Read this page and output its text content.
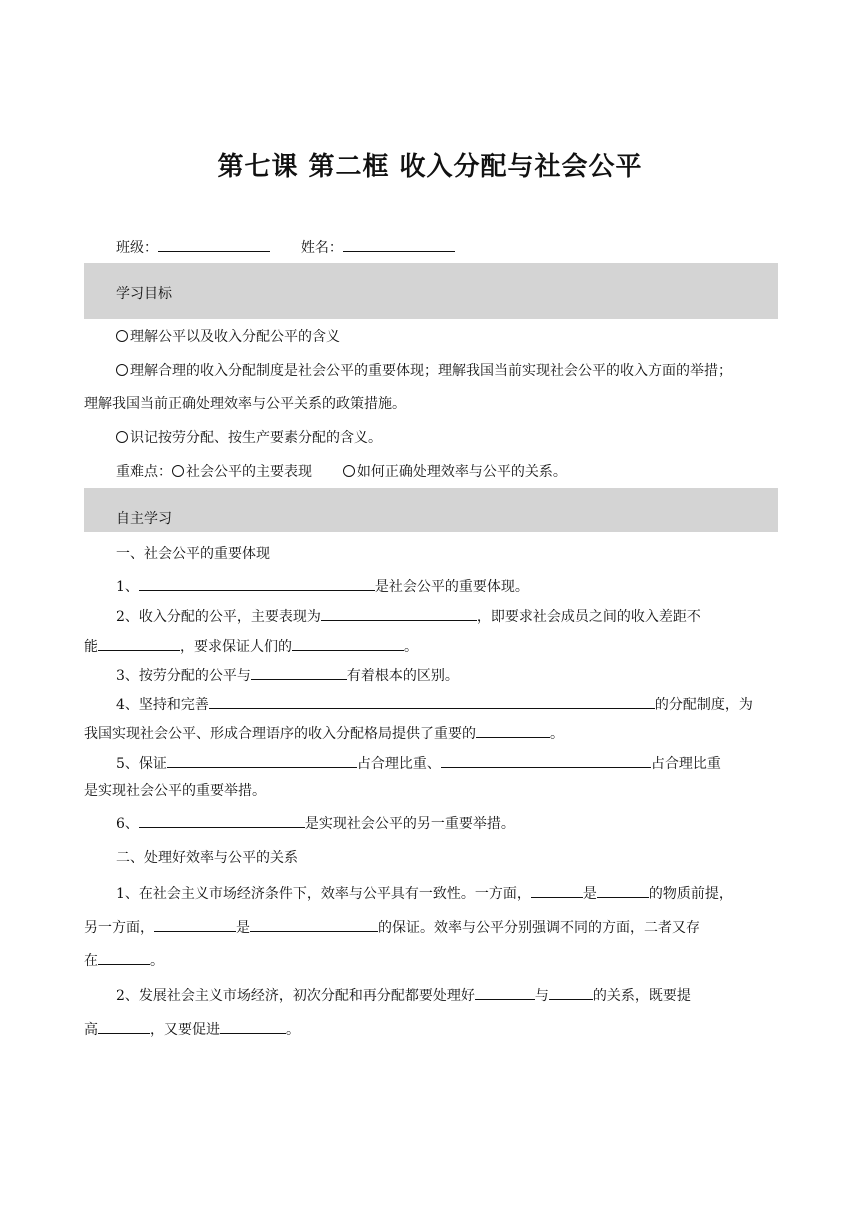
第七课 第二框 收入分配与社会公平
班级：	姓名：
学习目标
理解公平以及收入分配公平的含义
理解合理的收入分配制度是社会公平的重要体现；理解我国当前实现社会公平的收入方面的举措；
理解我国当前正确处理效率与公平关系的政策措施。
识记按劳分配、按生产要素分配的含义。
重难点： 社会公平的主要表现	如何正确处理效率与公平的关系。
自主学习
一、社会公平的重要体现
1、	是社会公平的重要体现。
2、收入分配的公平，主要表现为	，即要求社会成员之间的收入差距不
能	，要求保证人们的	。
3、按劳分配的公平与	有着根本的区别。
4、坚持和完善	的分配制度，为
我国实现社会公平、形成合理语序的收入分配格局提供了重要的	。
5、保证	占合理比重、	占合理比重
是实现社会公平的重要举措。
6、	是实现社会公平的另一重要举措。
二、处理好效率与公平的关系
1、在社会主义市场经济条件下，效率与公平具有一致性。一方面，	是	的物质前提，
另一方面，	是	的保证。效率与公平分别强调不同的方面，二者又存
在	。
2、发展社会主义市场经济，初次分配和再分配都要处理好	与	的关系，既要提
高	，又要促进	。
